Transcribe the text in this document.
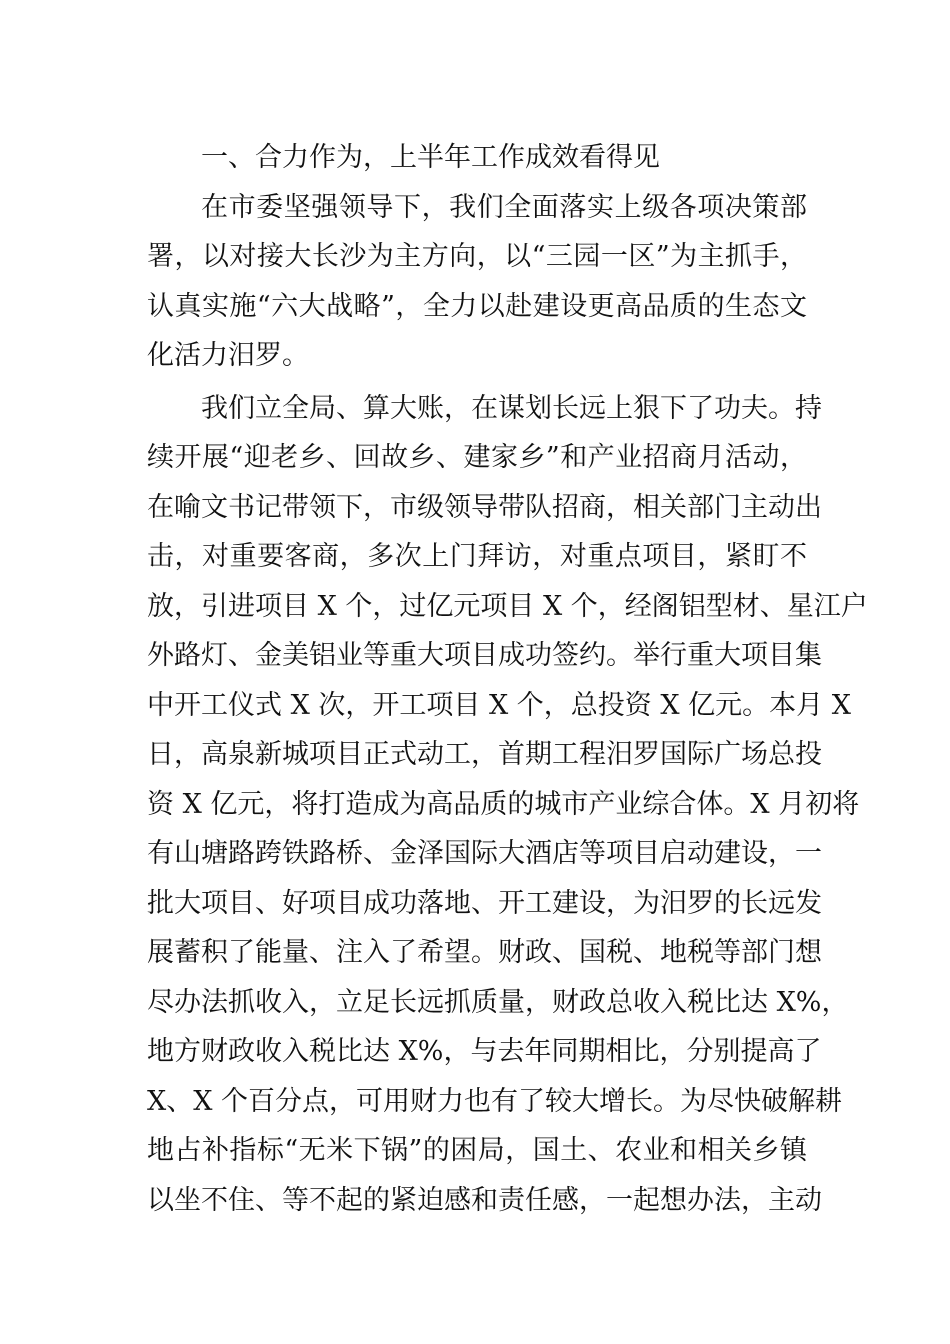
一、合力作为，上半年工作成效看得见
在市委坚强领导下，我们全面落实上级各项决策部
署，以对接大长沙为主方向，以“三园一区”为主抓手，
认真实施“六大战略”，全力以赴建设更高品质的生态文
化活力汨罗。
我们立全局、算大账，在谋划长远上狠下了功夫。持
续开展“迎老乡、回故乡、建家乡”和产业招商月活动，
在喻文书记带领下，市级领导带队招商，相关部门主动出
击，对重要客商，多次上门拜访，对重点项目，紧盯不
放，引进项目 X 个，过亿元项目 X 个，经阁铝型材、星江户
外路灯、金美铝业等重大项目成功签约。举行重大项目集
中开工仪式 X 次，开工项目 X 个，总投资 X 亿元。本月 X
日，高泉新城项目正式动工，首期工程汨罗国际广场总投
资 X 亿元，将打造成为高品质的城市产业综合体。X 月初将
有山塘路跨铁路桥、金泽国际大酒店等项目启动建设，一
批大项目、好项目成功落地、开工建设，为汨罗的长远发
展蓄积了能量、注入了希望。财政、国税、地税等部门想
尽办法抓收入，立足长远抓质量，财政总收入税比达 X%，
地方财政收入税比达 X%，与去年同期相比，分别提高了
X、X 个百分点，可用财力也有了较大增长。为尽快破解耕
地占补指标“无米下锅”的困局，国土、农业和相关乡镇
以坐不住、等不起的紧迫感和责任感，一起想办法，主动
